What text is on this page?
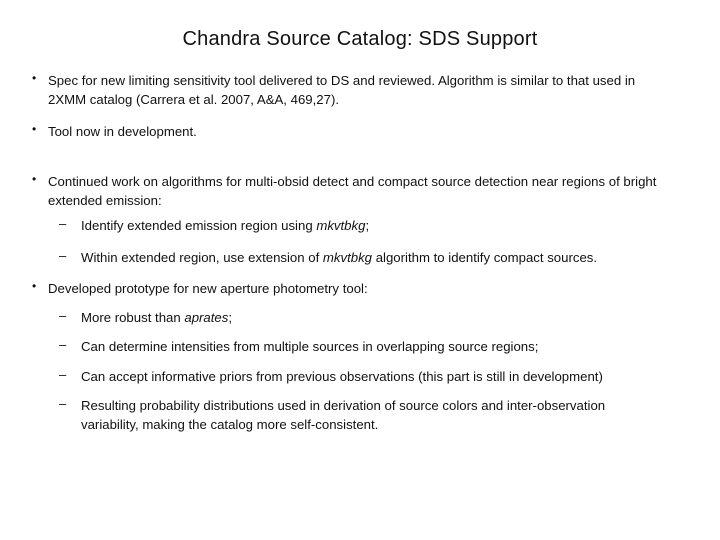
Chandra Source Catalog: SDS Support
• Spec for new limiting sensitivity tool delivered to DS and reviewed. Algorithm is similar to that used in 2XMM catalog (Carrera et al. 2007, A&A, 469,27).
• Tool now in development.
• Continued work on algorithms for multi-obsid detect and compact source detection near regions of bright extended emission:
– Identify extended emission region using mkvtbkg;
– Within extended region, use extension of mkvtbkg algorithm to identify compact sources.
• Developed prototype for new aperture photometry tool:
– More robust than aprates;
– Can determine intensities from multiple sources in overlapping source regions;
– Can accept informative priors from previous observations (this part is still in development)
– Resulting probability distributions used in derivation of source colors and inter-observation variability, making the catalog more self-consistent.
